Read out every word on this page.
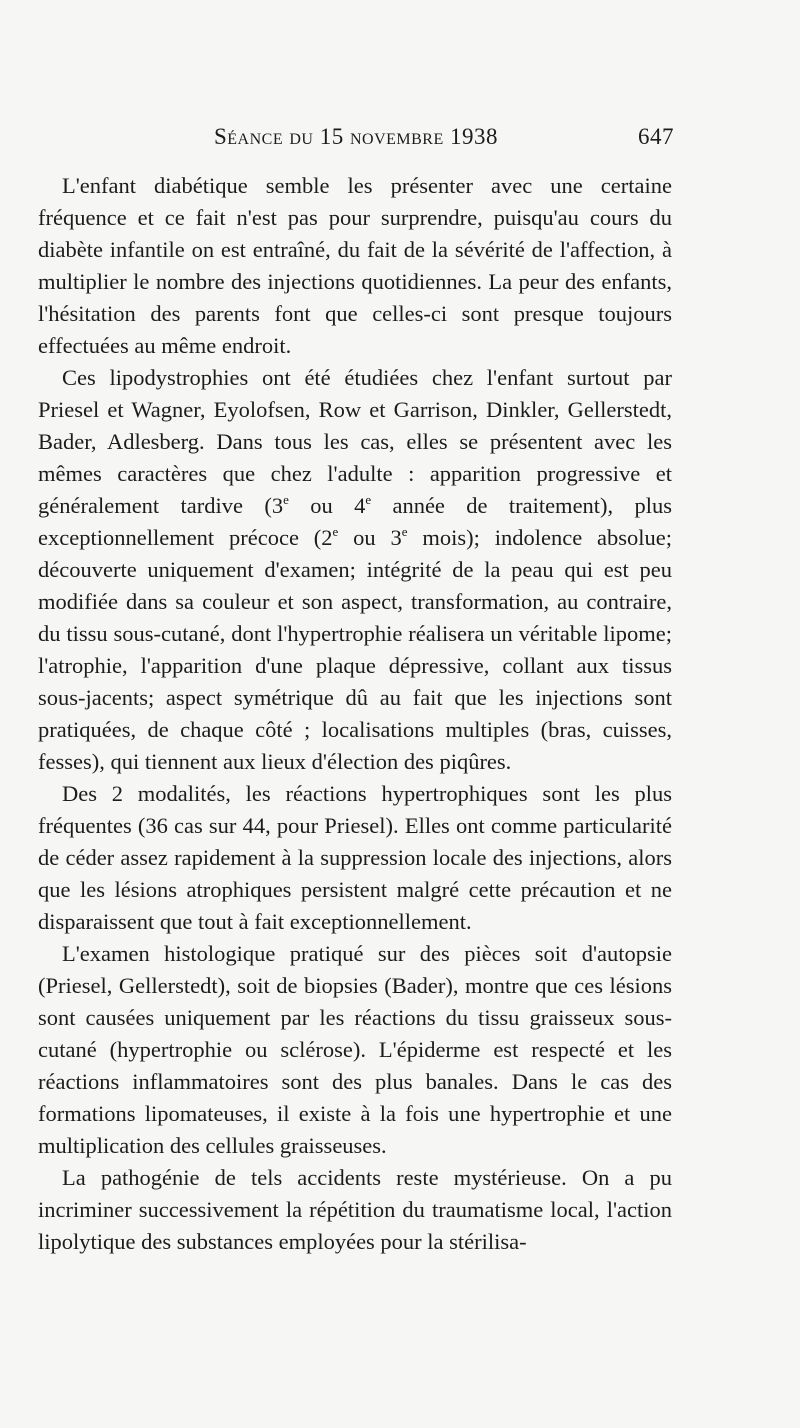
Séance du 15 novembre 1938	647

L'enfant diabétique semble les présenter avec une certaine fréquence et ce fait n'est pas pour surprendre, puisqu'au cours du diabète infantile on est entraîné, du fait de la sévérité de l'affection, à multiplier le nombre des injections quotidiennes. La peur des enfants, l'hésitation des parents font que celles-ci sont presque toujours effectuées au même endroit.

Ces lipodystrophies ont été étudiées chez l'enfant surtout par Priesel et Wagner, Eyolofsen, Row et Garrison, Dinkler, Gellerstedt, Bader, Adlesberg. Dans tous les cas, elles se présentent avec les mêmes caractères que chez l'adulte : apparition progressive et généralement tardive (3e ou 4e année de traitement), plus exceptionnellement précoce (2e ou 3e mois); indolence absolue; découverte uniquement d'examen; intégrité de la peau qui est peu modifiée dans sa couleur et son aspect, transformation, au contraire, du tissu sous-cutané, dont l'hypertrophie réalisera un véritable lipome; l'atrophie, l'apparition d'une plaque dépressive, collant aux tissus sous-jacents; aspect symétrique dû au fait que les injections sont pratiquées, de chaque côté ; localisations multiples (bras, cuisses, fesses), qui tiennent aux lieux d'élection des piqûres.

Des 2 modalités, les réactions hypertrophiques sont les plus fréquentes (36 cas sur 44, pour Priesel). Elles ont comme particularité de céder assez rapidement à la suppression locale des injections, alors que les lésions atrophiques persistent malgré cette précaution et ne disparaissent que tout à fait exceptionnellement.

L'examen histologique pratiqué sur des pièces soit d'autopsie (Priesel, Gellerstedt), soit de biopsies (Bader), montre que ces lésions sont causées uniquement par les réactions du tissu graisseux sous-cutané (hypertrophie ou sclérose). L'épiderme est respecté et les réactions inflammatoires sont des plus banales. Dans le cas des formations lipomateuses, il existe à la fois une hypertrophie et une multiplication des cellules graisseuses.

La pathogénie de tels accidents reste mystérieuse. On a pu incriminer successivement la répétition du traumatisme local, l'action lipolytique des substances employées pour la stérilisa-
